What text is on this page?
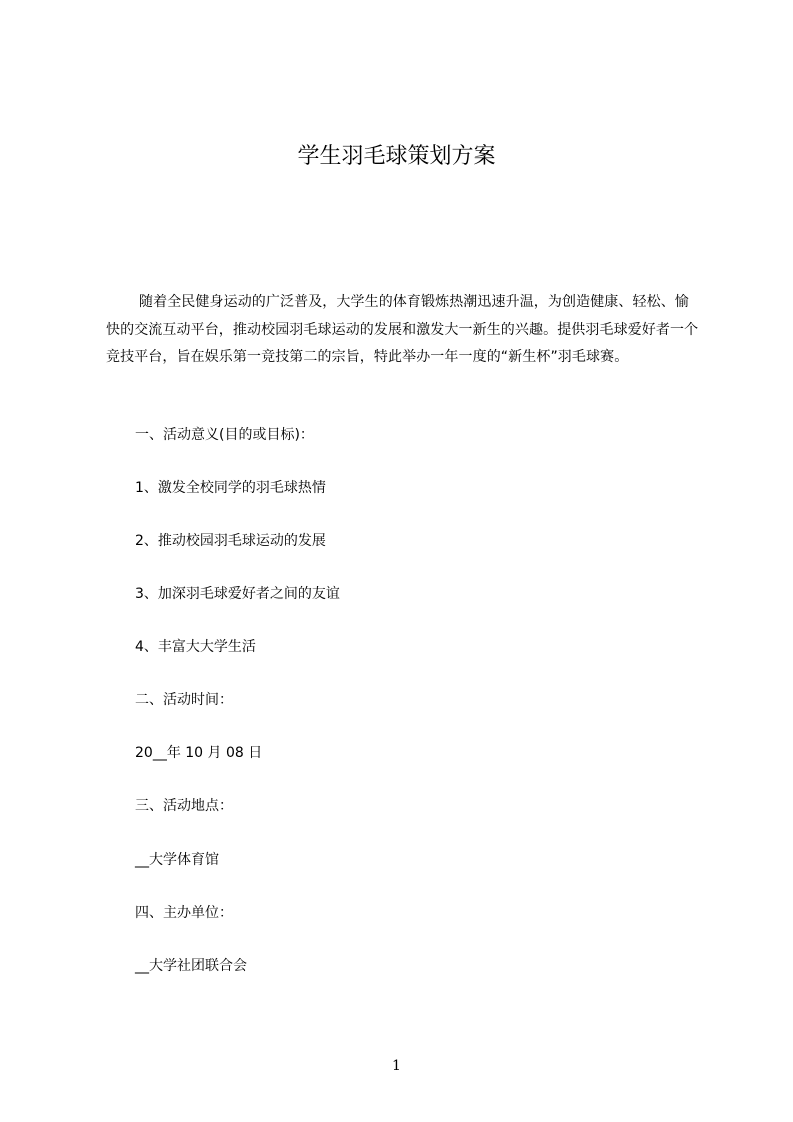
学生羽毛球策划方案

随着全民健身运动的广泛普及，大学生的体育锻炼热潮迅速升温，为创造健康、轻松、愉快的交流互动平台，推动校园羽毛球运动的发展和激发大一新生的兴趣。提供羽毛球爱好者一个竞技平台，旨在娱乐第一竞技第二的宗旨，特此举办一年一度的“新生杯”羽毛球赛。

一、活动意义(目的或目标)：

1、激发全校同学的羽毛球热情

2、推动校园羽毛球运动的发展

3、加深羽毛球爱好者之间的友谊

4、丰富大大学生活

二、活动时间：

20__年 10 月 08 日

三、活动地点：

__大学体育馆

四、主办单位：

__大学社团联合会

1
